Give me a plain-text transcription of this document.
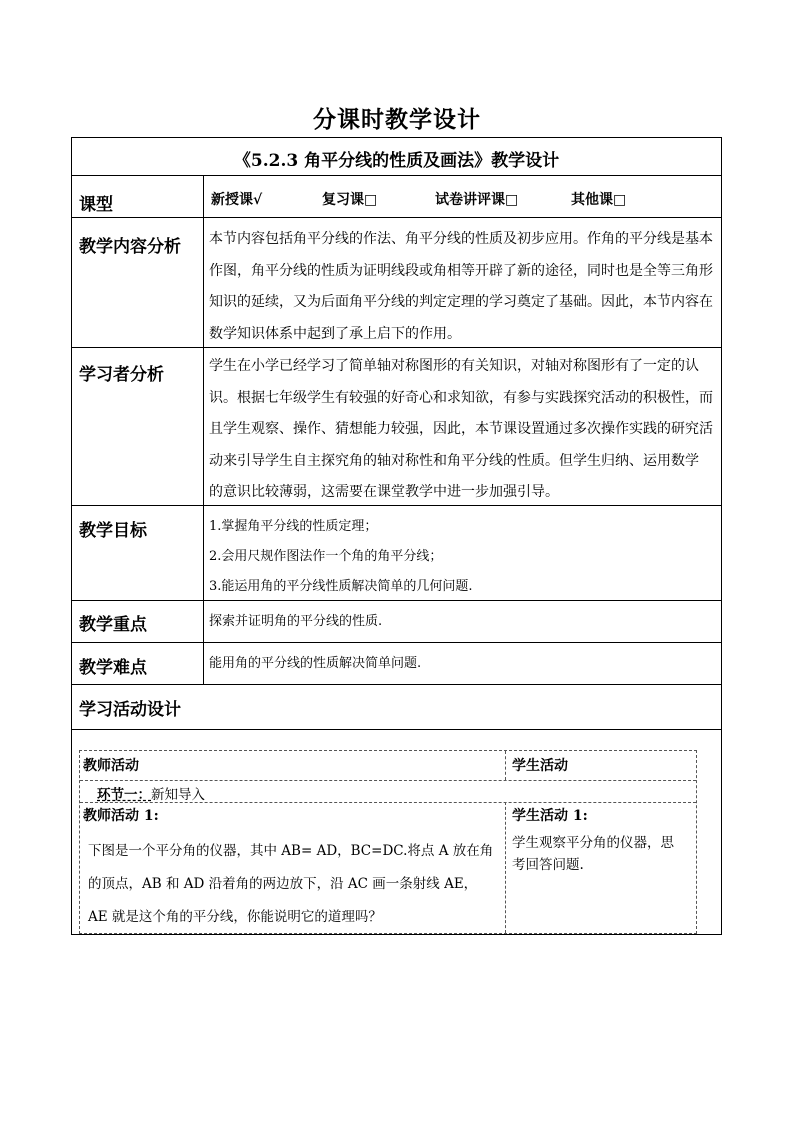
分课时教学设计
《5.2.3 角平分线的性质及画法》教学设计
课型	新授课√	复习课□	试卷讲评课□	其他课□
教学内容分析 本节内容包括角平分线的作法、角平分线的性质及初步应用。作角的平分线是基本
作图，角平分线的性质为证明线段或角相等开辟了新的途径，同时也是全等三角形
知识的延续，又为后面角平分线的判定定理的学习奠定了基础。因此，本节内容在
数学知识体系中起到了承上启下的作用。
学习者分析	学生在小学已经学习了简单轴对称图形的有关知识，对轴对称图形有了一定的认
识。根据七年级学生有较强的好奇心和求知欲，有参与实践探究活动的积极性，而
且学生观察、操作、猜想能力较强，因此，本节课设置通过多次操作实践的研究活
动来引导学生自主探究角的轴对称性和角平分线的性质。但学生归纳、运用数学
的意识比较薄弱，这需要在课堂教学中进一步加强引导。
教学目标	1.掌握角平分线的性质定理；
2.会用尺规作图法作一个角的角平分线；
3.能运用角的平分线性质解决简单的几何问题.
教学重点	探索并证明角的平分线的性质.
教学难点	能用角的平分线的性质解决简单问题.
学习活动设计
教师活动	学生活动
环节一：新知导入
教师活动 1:
下图是一个平分角的仪器，其中 AB= AD，BC=DC.将点 A 放在角
的顶点，AB 和 AD 沿着角的两边放下，沿 AC 画一条射线 AE，
AE 就是这个角的平分线，你能说明它的道理吗？
学生活动 1:
学生观察平分角的仪器，思
考回答问题.
